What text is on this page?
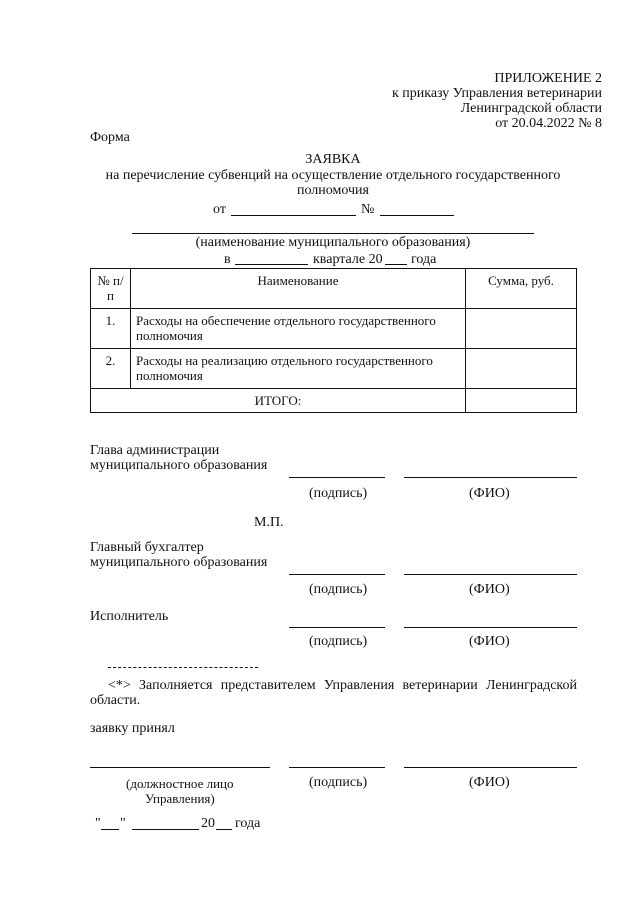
ПРИЛОЖЕНИЕ 2
к приказу Управления ветеринарии
Ленинградской области
от 20.04.2022 № 8
Форма
ЗАЯВКА
на перечисление субвенций на осуществление отдельного государственного
полномочия
от	№
(наименование муниципального образования)
в	квартале 20 года
№ п/п	Наименование	Сумма, руб.
1.	Расходы на обеспечение отдельного государственного полномочия	
2.	Расходы на реализацию отдельного государственного полномочия	
ИТОГО:		
Глава администрации
муниципального образования
(подпись)	(ФИО)
М.П.
Главный бухгалтер
муниципального образования
(подпись)	(ФИО)
Исполнитель
(подпись)	(ФИО)
<*> Заполняется представителем Управления ветеринарии Ленинградской
области.
заявку принял
(должностное лицо
Управления)
(подпись)	(ФИО)
" "	20 года
